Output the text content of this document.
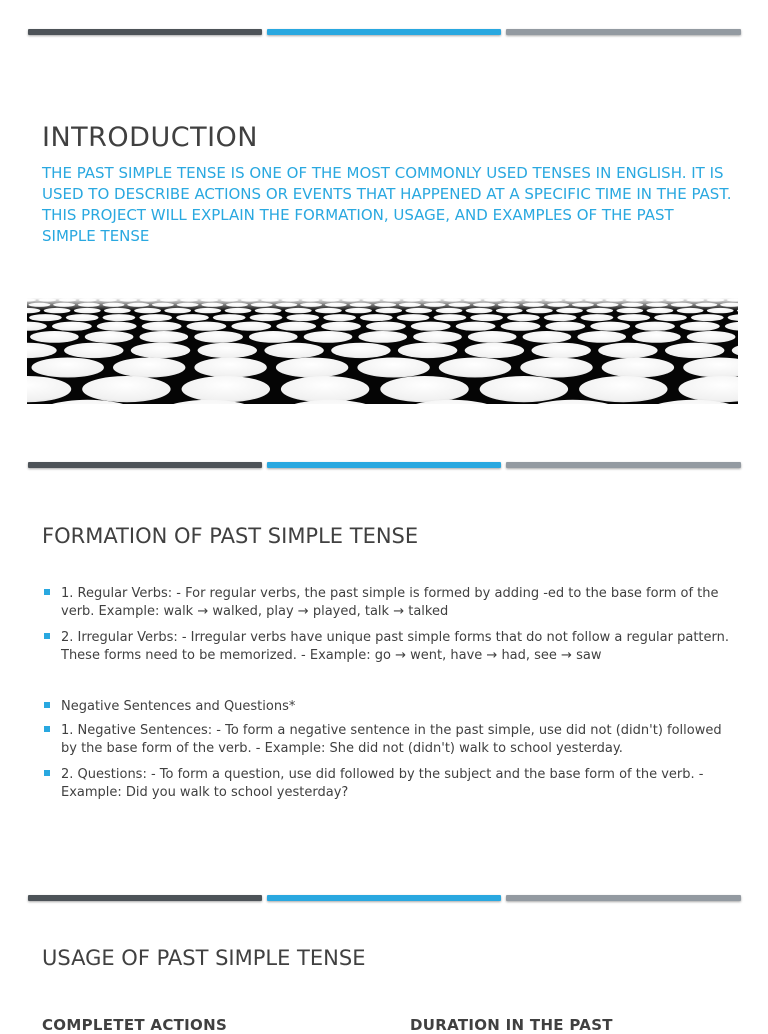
INTRODUCTION

THE PAST SIMPLE TENSE IS ONE OF THE MOST COMMONLY USED TENSES IN ENGLISH. IT IS USED TO DESCRIBE ACTIONS OR EVENTS THAT HAPPENED AT A SPECIFIC TIME IN THE PAST. THIS PROJECT WILL EXPLAIN THE FORMATION, USAGE, AND EXAMPLES OF THE PAST SIMPLE TENSE

FORMATION OF PAST SIMPLE TENSE
1. Regular Verbs: - For regular verbs, the past simple is formed by adding -ed to the base form of the verb. Example: walk → walked, play → played, talk → talked
2. Irregular Verbs: - Irregular verbs have unique past simple forms that do not follow a regular pattern. These forms need to be memorized. - Example: go → went, have → had, see → saw
Negative Sentences and Questions*
1. Negative Sentences: - To form a negative sentence in the past simple, use did not (didn't) followed by the base form of the verb. - Example: She did not (didn't) walk to school yesterday.
2. Questions: - To form a question, use did followed by the subject and the base form of the verb. - Example: Did you walk to school yesterday?
USAGE OF PAST SIMPLE TENSE

COMPLETET ACTIONS	DURATION IN THE PAST
